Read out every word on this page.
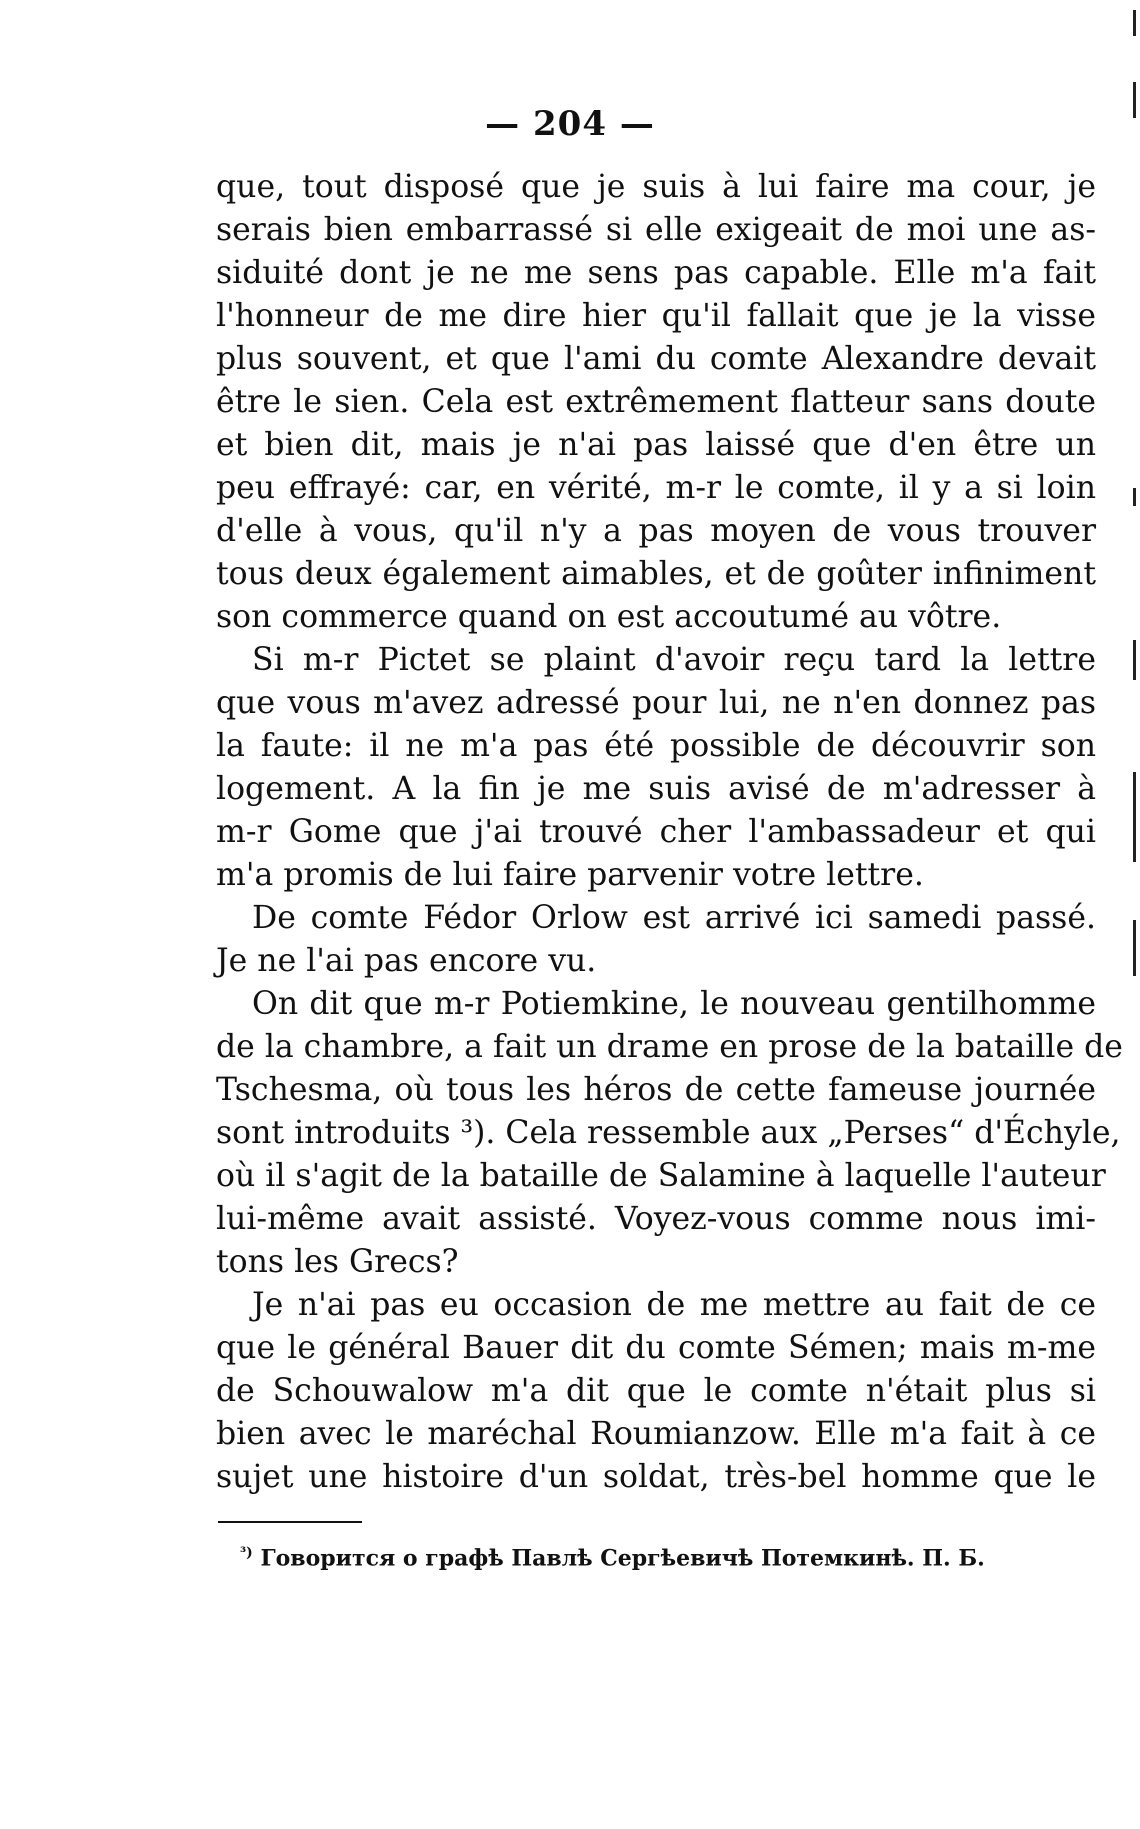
— 204 —
que, tout disposé que je suis à lui faire ma cour, je
serais bien embarrassé si elle exigeait de moi une as-
siduité dont je ne me sens pas capable. Elle m'a fait
l'honneur de me dire hier qu'il fallait que je la visse
plus souvent, et que l'ami du comte Alexandre devait
être le sien. Cela est extrêmement flatteur sans doute
et bien dit, mais je n'ai pas laissé que d'en être un
peu effrayé: car, en vérité, m-r le comte, il y a si loin
d'elle à vous, qu'il n'y a pas moyen de vous trouver
tous deux également aimables, et de goûter infiniment
son commerce quand on est accoutumé au vôtre.
Si m-r Pictet se plaint d'avoir reçu tard la lettre
que vous m'avez adressé pour lui, ne n'en donnez pas
la faute: il ne m'a pas été possible de découvrir son
logement. A la fin je me suis avisé de m'adresser à
m-r Gome que j'ai trouvé cher l'ambassadeur et qui
m'a promis de lui faire parvenir votre lettre.
De comte Fédor Orlow est arrivé ici samedi passé.
Je ne l'ai pas encore vu.
On dit que m-r Potiemkine, le nouveau gentilhomme
de la chambre, a fait un drame en prose de la bataille de
Tschesma, où tous les héros de cette fameuse journée
sont introduits ³). Cela ressemble aux „Perses“ d'Échyle,
où il s'agit de la bataille de Salamine à laquelle l'auteur
lui-même avait assisté. Voyez-vous comme nous imi-
tons les Grecs?
Je n'ai pas eu occasion de me mettre au fait de ce
que le général Bauer dit du comte Sémen; mais m-me
de Schouwalow m'a dit que le comte n'était plus si
bien avec le maréchal Roumianzow. Elle m'a fait à ce
sujet une histoire d'un soldat, très-bel homme que le
$^{^3)}$ Говорится о графѣ Павлѣ Сергѣевичѣ Потемкинѣ. П. Б.
